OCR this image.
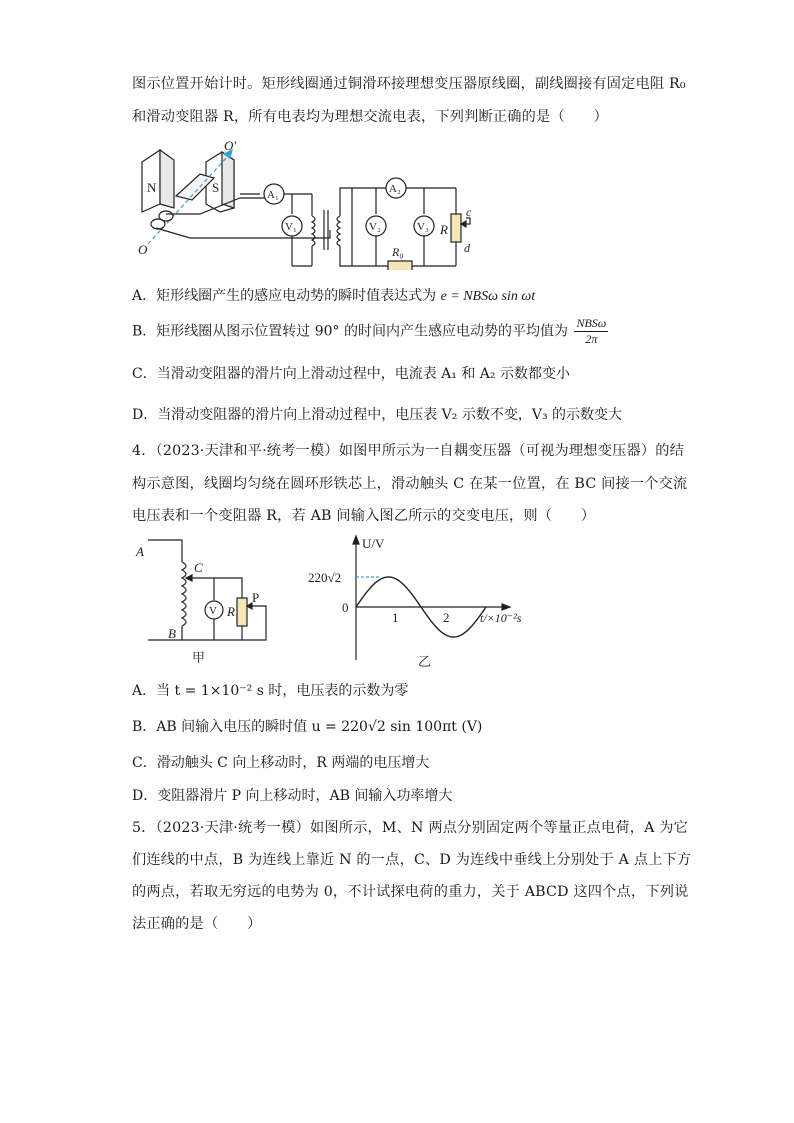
图示位置开始计时。矩形线圈通过铜滑环接理想变压器原线圈，副线圈接有固定电阻 R₀
和滑动变阻器 R，所有电表均为理想交流电表，下列判断正确的是（　　）
O′
O
N	S	A₁
V₁
A₂
V₂	V₃
R₀
R
c
d
A．矩形线圈产生的感应电动势的瞬时值表达式为 e = NBSω sin ωt
B．矩形线圈从图示位置转过 90° 的时间内产生感应电动势的平均值为 $\frac{\text{NBSω}}{2\pi}$
C．当滑动变阻器的滑片向上滑动过程中，电流表 A₁ 和 A₂ 示数都变小
D．当滑动变阻器的滑片向上滑动过程中，电压表 V₂ 示数不变，V₃ 的示数变大
4．（2023·天津和平·统考一模）如图甲所示为一自耦变压器（可视为理想变压器）的结
构示意图，线圈均匀绕在圆环形铁芯上，滑动触头 C 在某一位置，在 BC 间接一个交流
电压表和一个变阻器 R，若 AB 间输入图乙所示的交变电压，则（　　）
A
C
V R
P
B
甲
U/V
220√2
0
1	2	t/×10⁻²s
乙
A．当 t = 1×10⁻² s 时，电压表的示数为零
B．AB 间输入电压的瞬时值 u = 220√2 sin 100πt (V)
C．滑动触头 C 向上移动时，R 两端的电压增大
D．变阻器滑片 P 向上移动时，AB 间输入功率增大
5．（2023·天津·统考一模）如图所示，M、N 两点分别固定两个等量正点电荷，A 为它
们连线的中点，B 为连线上靠近 N 的一点，C、D 为连线中垂线上分别处于 A 点上下方
的两点，若取无穷远的电势为 0，不计试探电荷的重力，关于 ABCD 这四个点，下列说
法正确的是（　　）
